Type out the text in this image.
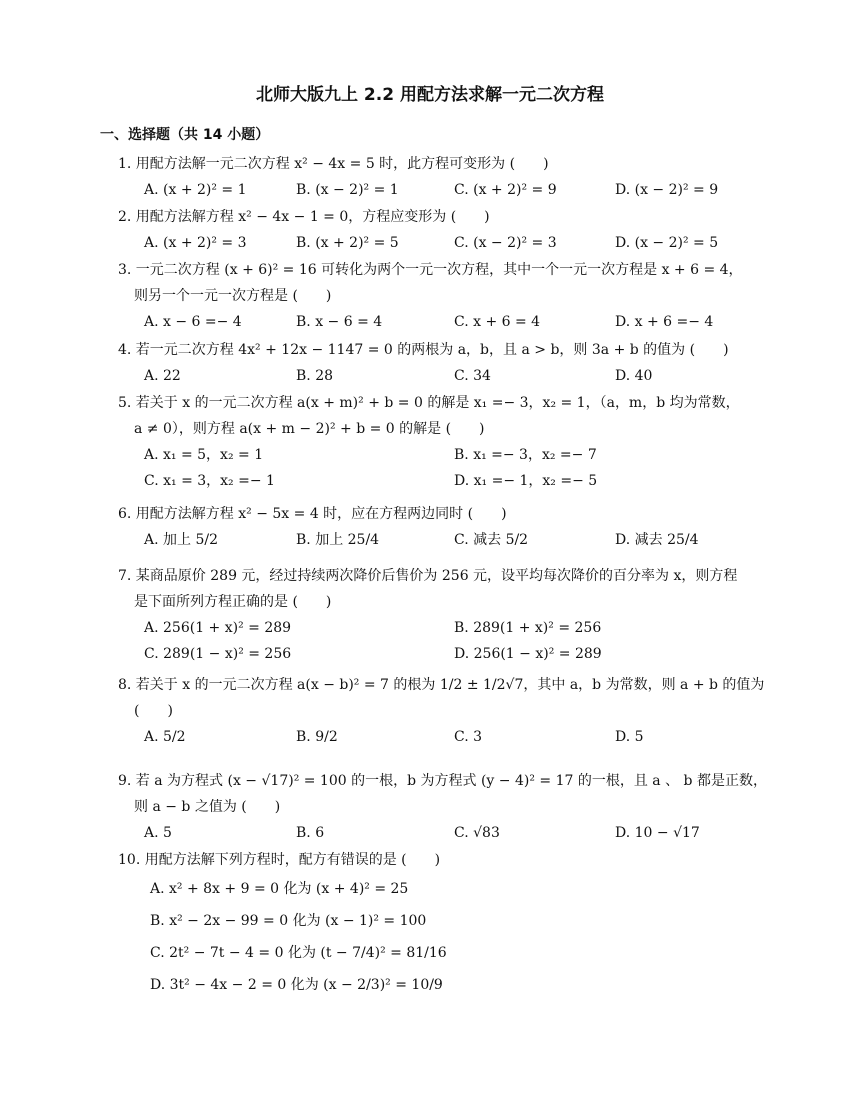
北师大版九上 2.2 用配方法求解一元二次方程
一、选择题（共 14 小题）
1. 用配方法解一元二次方程 x² − 4x = 5 时，此方程可变形为 (　　)
A. (x + 2)² = 1	B. (x − 2)² = 1	C. (x + 2)² = 9	D. (x − 2)² = 9
2. 用配方法解方程 x² − 4x − 1 = 0，方程应变形为 (　　)
A. (x + 2)² = 3	B. (x + 2)² = 5	C. (x − 2)² = 3	D. (x − 2)² = 5
3. 一元二次方程 (x + 6)² = 16 可转化为两个一元一次方程，其中一个一元一次方程是 x + 6 = 4，
则另一个一元一次方程是 (　　)
A. x − 6 =− 4	B. x − 6 = 4	C. x + 6 = 4	D. x + 6 =− 4
4. 若一元二次方程 4x² + 12x − 1147 = 0 的两根为 a，b，且 a > b，则 3a + b 的值为 (　　)
A. 22	B. 28	C. 34	D. 40
5. 若关于 x 的一元二次方程 a(x + m)² + b = 0 的解是 x₁ =− 3，x₂ = 1，（a，m，b 均为常数，
a ≠ 0），则方程 a(x + m − 2)² + b = 0 的解是 (　　)
A. x₁ = 5，x₂ = 1	B. x₁ =− 3，x₂ =− 7
C. x₁ = 3，x₂ =− 1	D. x₁ =− 1，x₂ =− 5
6. 用配方法解方程 x² − 5x = 4 时，应在方程两边同时 (　　)
A. 加上 5/2	B. 加上 25/4	C. 减去 5/2	D. 减去 25/4
7. 某商品原价 289 元，经过持续两次降价后售价为 256 元，设平均每次降价的百分率为 x，则方程
是下面所列方程正确的是 (　　)
A. 256(1 + x)² = 289	B. 289(1 + x)² = 256
C. 289(1 − x)² = 256	D. 256(1 − x)² = 289
8. 若关于 x 的一元二次方程 a(x − b)² = 7 的根为 1/2 ± 1/2√7，其中 a，b 为常数，则 a + b 的值为
(　　)
A. 5/2	B. 9/2	C. 3	D. 5
9. 若 a 为方程式 (x − √17)² = 100 的一根，b 为方程式 (y − 4)² = 17 的一根，且 a 、 b 都是正数，
则 a − b 之值为 (　　)
A. 5	B. 6	C. √83	D. 10 − √17
10. 用配方法解下列方程时，配方有错误的是 (　　)
A. x² + 8x + 9 = 0 化为 (x + 4)² = 25
B. x² − 2x − 99 = 0 化为 (x − 1)² = 100
C. 2t² − 7t − 4 = 0 化为 (t − 7/4)² = 81/16
D. 3t² − 4x − 2 = 0 化为 (x − 2/3)² = 10/9
